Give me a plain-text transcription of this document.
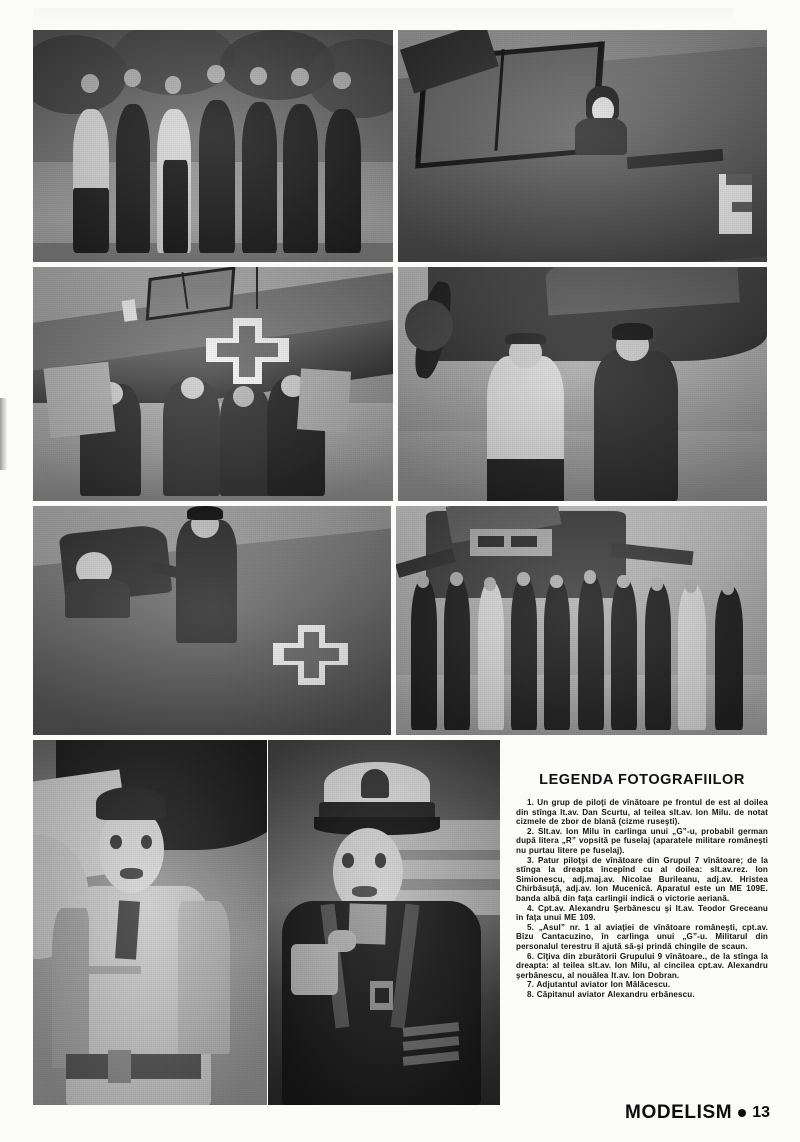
LEGENDA FOTOGRAFIILOR
1. Un grup de piloţi de vînătoare pe frontul de est al doilea din stînga lt.av. Dan Scurtu, al teilea slt.av. Ion Milu. de notat cizmele de zbor de blană (cizme ruseşti).
2. Slt.av. Ion Milu în carlinga unui „G”-u, probabil german după litera „R” vopsită pe fuselaj (aparatele militare româneşti nu purtau litere pe fuselaj).
3. Patur piloţşi de vînătoare din Grupul 7 vînătoare; de la stînga la dreapta începînd cu al doilea: slt.av.rez. Ion Simionescu, adj.maj.av. Nicolae Burileanu, adj.av. Hristea Chirbăsuţă, adj.av. Ion Mucenică. Aparatul este un ME 109E. banda albă din faţa carlingii indică o victorie aeriană.
4. Cpt.av. Alexandru Şerbănescu şi lt.av. Teodor Greceanu în faţa unui ME 109.
5. „Asul” nr. 1 al aviaţiei de vînătoare româneşti, cpt.av. Bîzu Cantacuzino, în carlinga unui „G”-u. Militarul din personalul terestru îl ajută să-şi prindă chingile de scaun.
6. Cîţiva din zburătorii Grupului 9 vînătoare., de la stînga la dreapta: al teilea slt.av. Ion Milu, al cincilea cpt.av. Alexandru şerbănescu, al nouălea lt.av. Ion Dobran.
7. Adjutantul aviator Ion Mălăcescu.
8. Căpitanul aviator Alexandru erbănescu.
MODELISM 13
